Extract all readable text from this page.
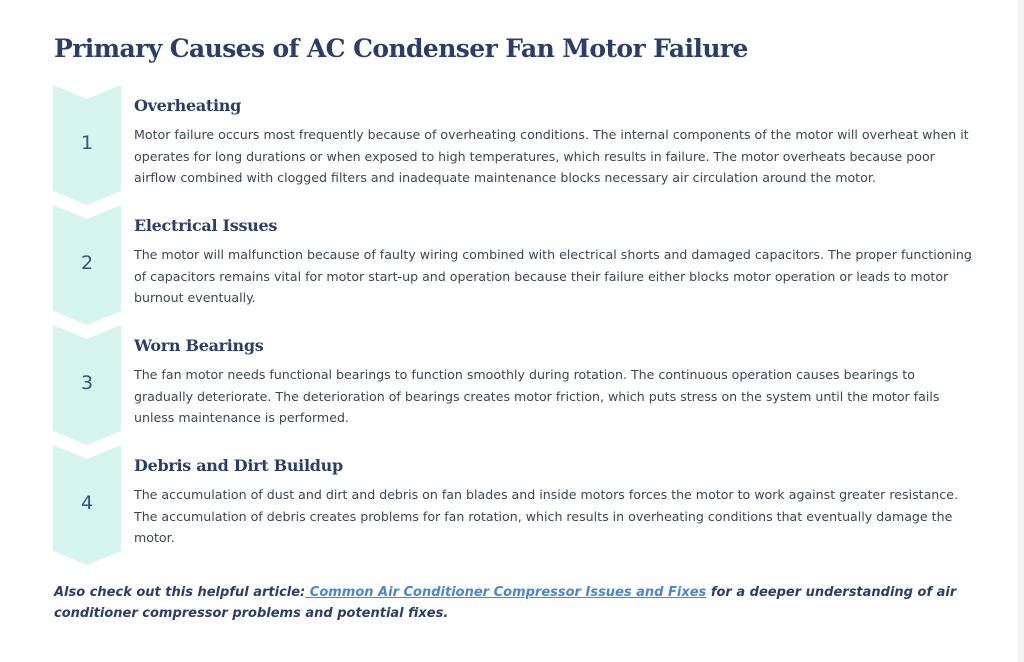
Primary Causes of AC Condenser Fan Motor Failure
1
Overheating

Motor failure occurs most frequently because of overheating conditions. The internal components of the motor will overheat when it operates for long durations or when exposed to high temperatures, which results in failure. The motor overheats because poor airflow combined with clogged filters and inadequate maintenance blocks necessary air circulation around the motor.

2
Electrical Issues

The motor will malfunction because of faulty wiring combined with electrical shorts and damaged capacitors. The proper functioning of capacitors remains vital for motor start-up and operation because their failure either blocks motor operation or leads to motor burnout eventually.

3
Worn Bearings

The fan motor needs functional bearings to function smoothly during rotation. The continuous operation causes bearings to gradually deteriorate. The deterioration of bearings creates motor friction, which puts stress on the system until the motor fails unless maintenance is performed.

4
Debris and Dirt Buildup

The accumulation of dust and dirt and debris on fan blades and inside motors forces the motor to work against greater resistance. The accumulation of debris creates problems for fan rotation, which results in overheating conditions that eventually damage the motor.

Also check out this helpful article: Common Air Conditioner Compressor Issues and Fixes for a deeper understanding of air conditioner compressor problems and potential fixes.
